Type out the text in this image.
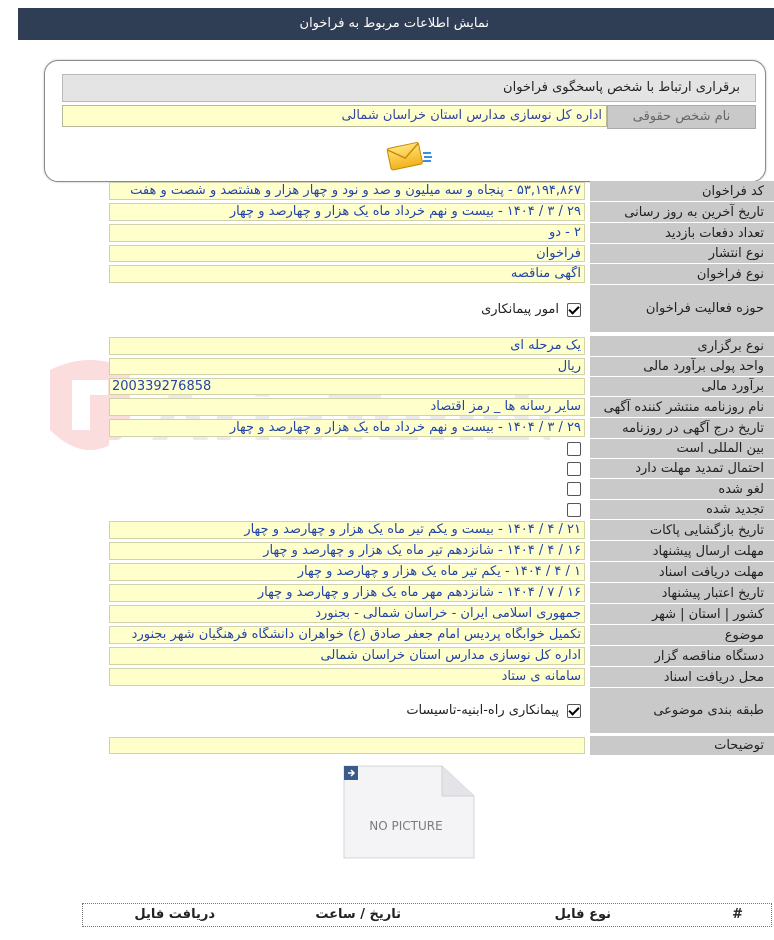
نمایش اطلاعات مربوط به فراخوان
برقراری ارتباط با شخص پاسخگوی فراخوان
نام شخص حقوقی
اداره کل نوسازی مدارس استان خراسان شمالی
کد فراخوان
۵۳,۱۹۴,۸۶۷ - پنجاه و سه میلیون و صد و نود و چهار هزار و هشتصد و شصت و هفت
تاریخ آخرین به روز رسانی
۲۹ / ۳ / ۱۴۰۴ - بیست و نهم خرداد ماه یک هزار و چهارصد و چهار
تعداد دفعات بازدید
۲ - دو
نوع انتشار
فراخوان
نوع فراخوان
آگهی مناقصه
حوزه فعالیت فراخوان
امور پیمانکاری
نوع برگزاری
یک مرحله ای
واحد پولی برآورد مالی
ریال
برآورد مالی
200339276858
نام روزنامه منتشر کننده آگهی
سایر رسانه ها _ رمز اقتصاد
تاریخ درج آگهی در روزنامه
۲۹ / ۳ / ۱۴۰۴ - بیست و نهم خرداد ماه یک هزار و چهارصد و چهار
بین المللی است
احتمال تمدید مهلت دارد
لغو شده
تجدید شده
تاریخ بازگشایی پاکات
۲۱ / ۴ / ۱۴۰۴ - بیست و یکم تیر ماه یک هزار و چهارصد و چهار
مهلت ارسال پیشنهاد
۱۶ / ۴ / ۱۴۰۴ - شانزدهم تیر ماه یک هزار و چهارصد و چهار
مهلت دریافت اسناد
۱ / ۴ / ۱۴۰۴ - یکم تیر ماه یک هزار و چهارصد و چهار
تاریخ اعتبار پیشنهاد
۱۶ / ۷ / ۱۴۰۴ - شانزدهم مهر ماه یک هزار و چهارصد و چهار
کشور | استان | شهر
جمهوری اسلامی ایران - خراسان شمالی - بجنورد
موضوع
تکمیل خوابگاه پردیس امام جعفر صادق (ع) خواهران دانشگاه فرهنگیان شهر بجنورد
دستگاه مناقصه گزار
اداره کل نوسازی مدارس استان خراسان شمالی
محل دریافت اسناد
سامانه ی ستاد
طبقه بندی موضوعی
پیمانکاری راه-ابنیه-تاسیسات
توضیحات
NO PICTURE
#
نوع فایل
تاریخ / ساعت
دریافت فایل
